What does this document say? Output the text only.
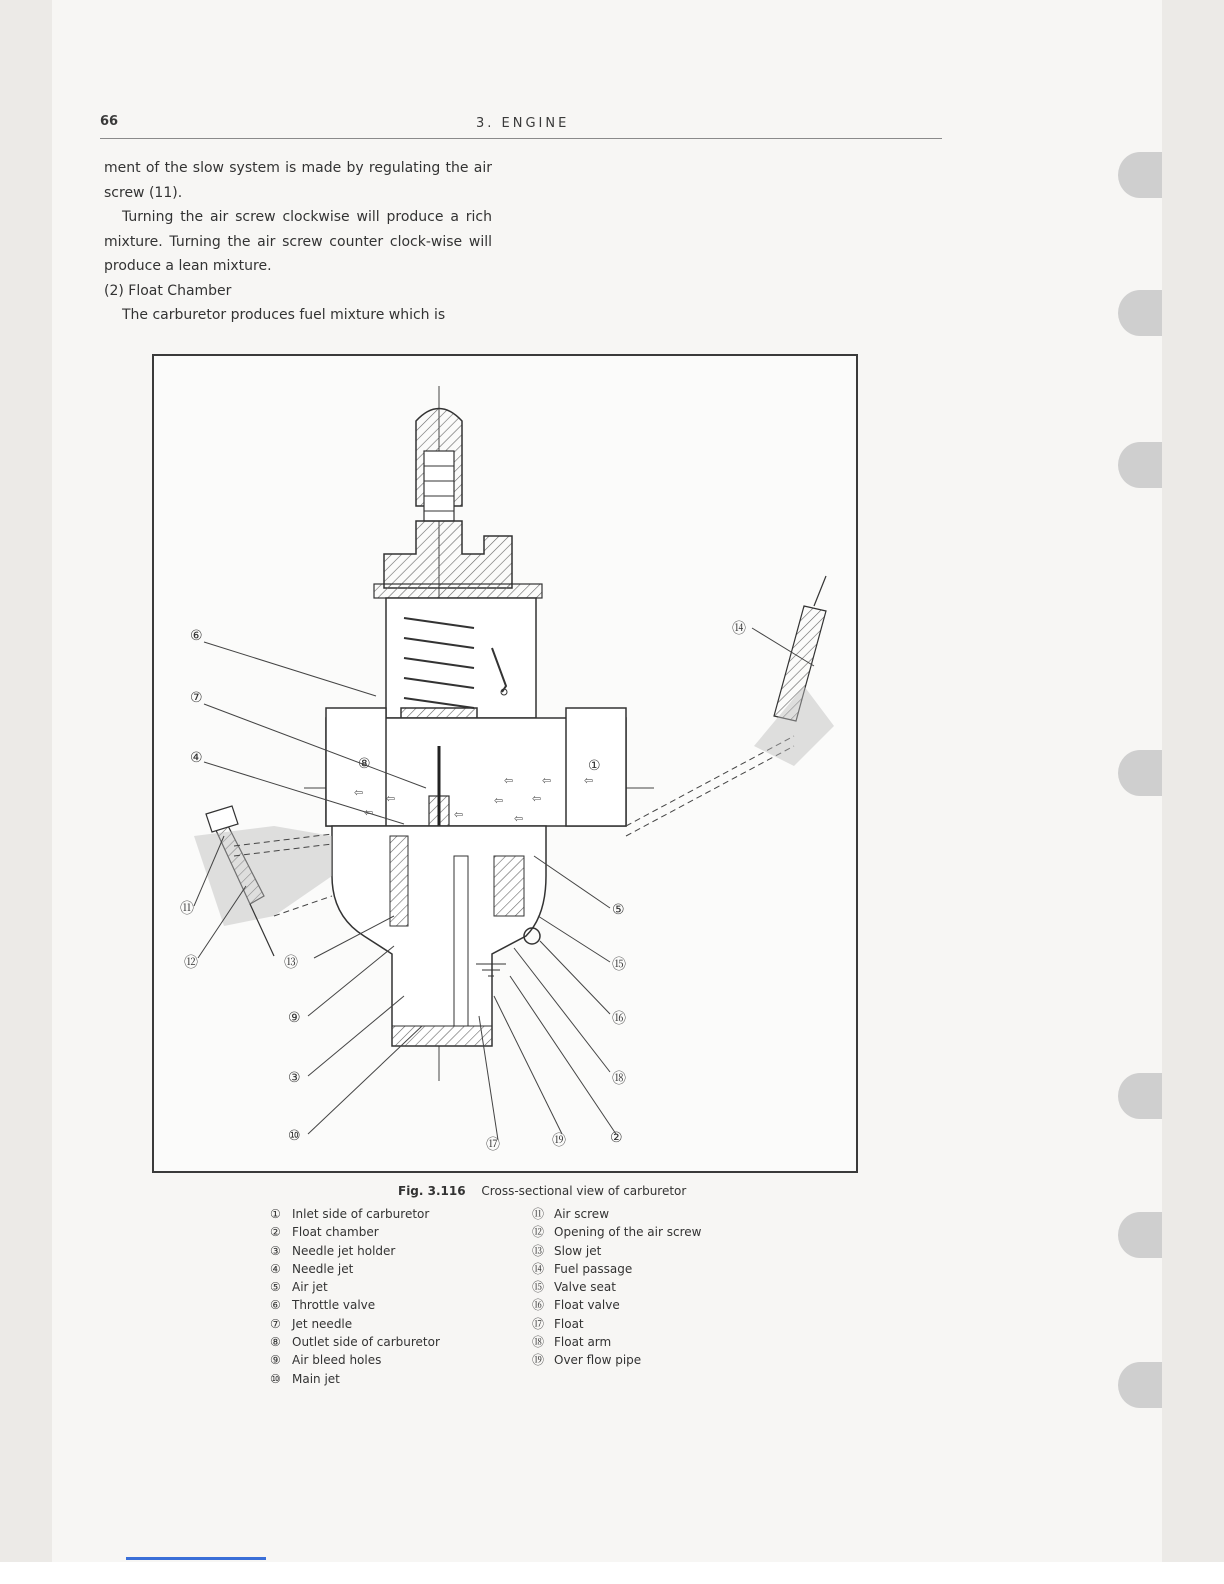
66	3. ENGINE

ment of the slow system is made by regulating the air screw (11).

Turning the air screw clockwise will produce a rich mixture. Turning the air screw counter clock-wise will produce a lean mixture.

(2) Float Chamber

The carburetor produces fuel mixture which is

⇦	⇦	⇦
⇦ ⇦	⇦	⇦
⇦	⇦	⇦
⑥
⑦
④	⑧	①
⑪
⑫	⑬
⑨
③
⑩
⑭
⑤
⑮
⑯
⑱
⑰	⑲	②
Fig. 3.116 Cross-sectional view of carburetor
① Inlet side of carburetor
② Float chamber
③ Needle jet holder
④ Needle jet
⑤ Air jet
⑥ Throttle valve
⑦ Jet needle
⑧ Outlet side of carburetor
⑨ Air bleed holes
⑩ Main jet
⑪ Air screw
⑫ Opening of the air screw
⑬ Slow jet
⑭ Fuel passage
⑮ Valve seat
⑯ Float valve
⑰ Float
⑱ Float arm
⑲ Over flow pipe
